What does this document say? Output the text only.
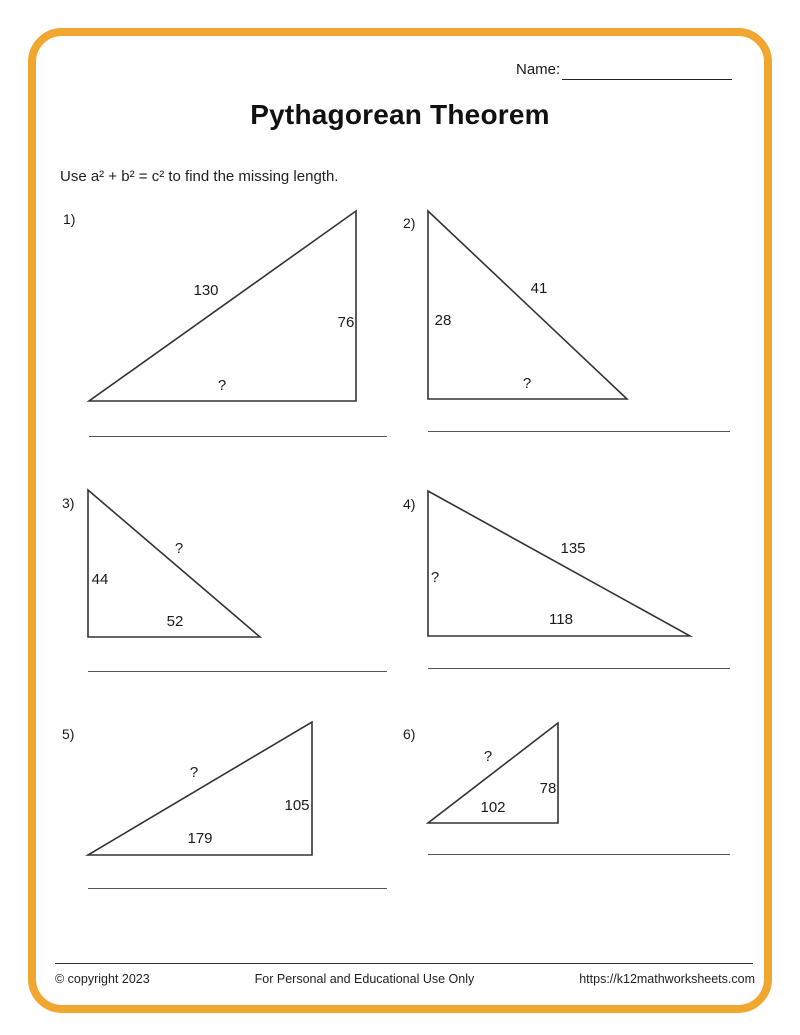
Name:
Pythagorean Theorem
Use a² + b² = c² to find the missing length.
1)
130
76
?
2)
41
28
?
3)
?
44
52
4)
135
?
118
5)
?
105
179
6)
?
78
102
© copyright 2023	For Personal and Educational Use Only	https://k12mathworksheets.com
